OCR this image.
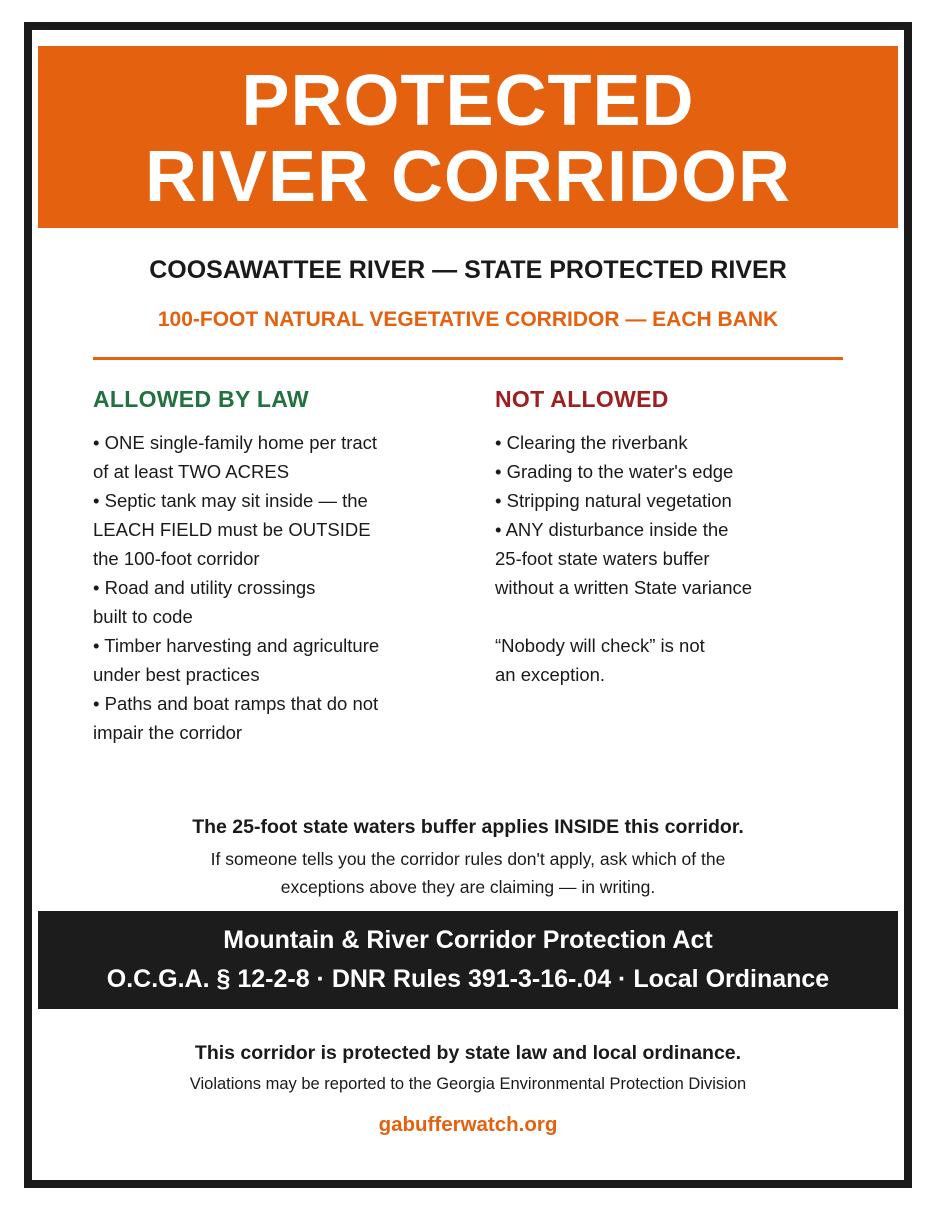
PROTECTED
RIVER CORRIDOR
COOSAWATTEE RIVER — STATE PROTECTED RIVER
100-FOOT NATURAL VEGETATIVE CORRIDOR — EACH BANK
ALLOWED BY LAW
• ONE single-family home per tract
of at least TWO ACRES
• Septic tank may sit inside — the
LEACH FIELD must be OUTSIDE
the 100-foot corridor
• Road and utility crossings
built to code
• Timber harvesting and agriculture
under best practices
• Paths and boat ramps that do not
impair the corridor
NOT ALLOWED
• Clearing the riverbank
• Grading to the water's edge
• Stripping natural vegetation
• ANY disturbance inside the
25-foot state waters buffer
without a written State variance
“Nobody will check” is not
an exception.
The 25-foot state waters buffer applies INSIDE this corridor.
If someone tells you the corridor rules don't apply, ask which of the
exceptions above they are claiming — in writing.
Mountain & River Corridor Protection Act
O.C.G.A. § 12-2-8 · DNR Rules 391-3-16-.04 · Local Ordinance
This corridor is protected by state law and local ordinance.
Violations may be reported to the Georgia Environmental Protection Division
gabufferwatch.org
